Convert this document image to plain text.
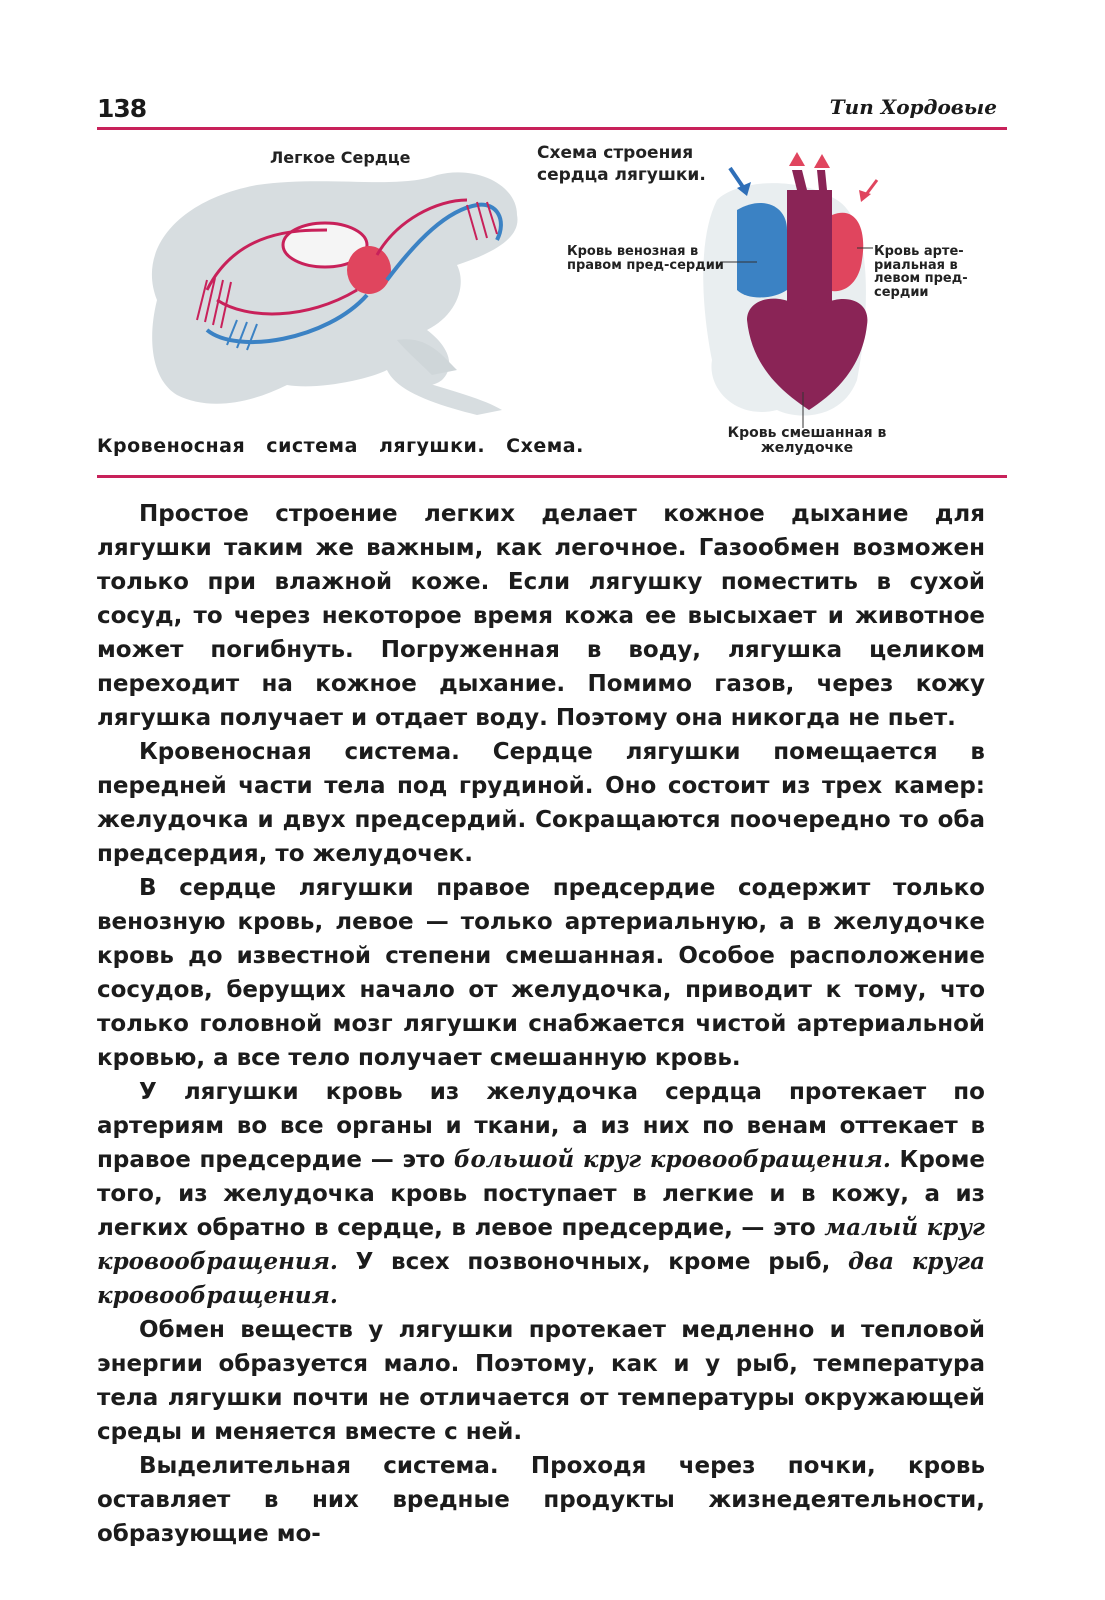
138	Тип Хордовые
Легкое Сердце	Схема строения
сердца лягушки.
Кровь венозная в правом пред-сердии
Кровь арте-риальная в левом пред-сердии
Кровь смешанная в желудочке
Кровеносная система лягушки. Схема.

Простое строение легких делает кожное дыхание для лягушки таким же важным, как легочное. Газообмен возможен только при влажной коже. Если лягушку поместить в сухой сосуд, то через некоторое время кожа ее высыхает и животное может погибнуть. Погруженная в воду, лягушка целиком переходит на кожное дыхание. Помимо газов, через кожу лягушка получает и отдает воду. Поэтому она никогда не пьет.

Кровеносная система. Сердце лягушки помещается в передней части тела под грудиной. Оно состоит из трех камер: желудочка и двух предсердий. Сокращаются поочередно то оба предсердия, то желудочек.

В сердце лягушки правое предсердие содержит только венозную кровь, левое — только артериальную, а в желудочке кровь до известной степени смешанная. Особое расположение сосудов, берущих начало от желудочка, приводит к тому, что только головной мозг лягушки снабжается чистой артериальной кровью, а все тело получает смешанную кровь.

У лягушки кровь из желудочка сердца протекает по артериям во все органы и ткани, а из них по венам оттекает в правое предсердие — это большой круг кровообращения. Кроме того, из желудочка кровь поступает в легкие и в кожу, а из легких обратно в сердце, в левое предсердие, — это малый круг кровообращения. У всех позвоночных, кроме рыб, два круга кровообращения.

Обмен веществ у лягушки протекает медленно и тепловой энергии образуется мало. Поэтому, как и у рыб, температура тела лягушки почти не отличается от температуры окружающей среды и меняется вместе с ней.

Выделительная система. Проходя через почки, кровь оставляет в них вредные продукты жизнедеятельности, образующие мо-
